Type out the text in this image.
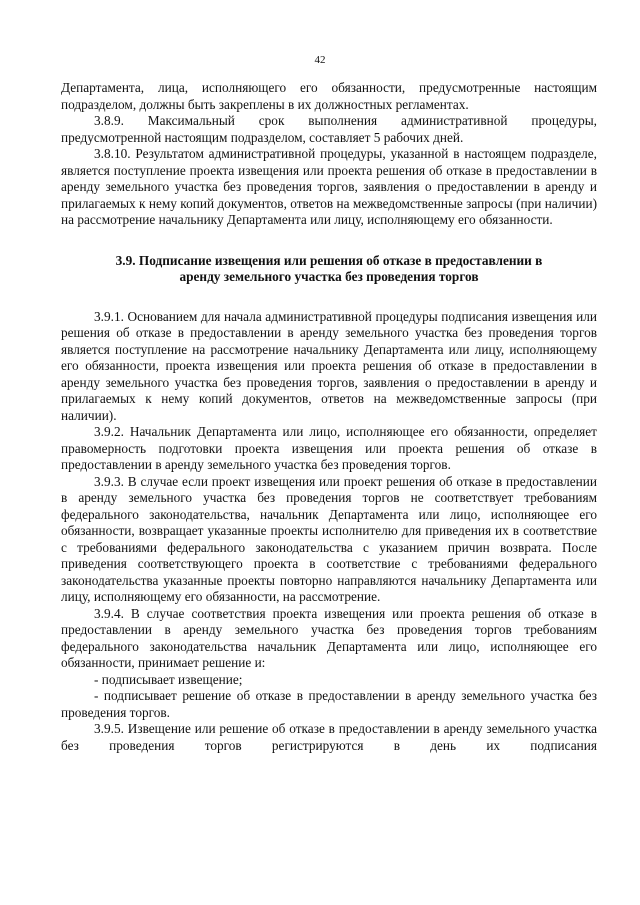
42

Департамента, лица, исполняющего его обязанности, предусмотренные настоящим подразделом, должны быть закреплены в их должностных регламентах.

3.8.9. Максимальный срок выполнения административной процедуры, предусмотренной настоящим подразделом, составляет 5 рабочих дней.

3.8.10. Результатом административной процедуры, указанной в настоящем подразделе, является поступление проекта извещения или проекта решения об отказе в предоставлении в аренду земельного участка без проведения торгов, заявления о предоставлении в аренду и прилагаемых к нему копий документов, ответов на межведомственные запросы (при наличии) на рассмотрение начальнику Департамента или лицу, исполняющему его обязанности.

3.9. Подписание извещения или решения об отказе в предоставлении в аренду земельного участка без проведения торгов

3.9.1. Основанием для начала административной процедуры подписания извещения или решения об отказе в предоставлении в аренду земельного участка без проведения торгов является поступление на рассмотрение начальнику Департамента или лицу, исполняющему его обязанности, проекта извещения или проекта решения об отказе в предоставлении в аренду земельного участка без проведения торгов, заявления о предоставлении в аренду и прилагаемых к нему копий документов, ответов на межведомственные запросы (при наличии).

3.9.2. Начальник Департамента или лицо, исполняющее его обязанности, определяет правомерность подготовки проекта извещения или проекта решения об отказе в предоставлении в аренду земельного участка без проведения торгов.

3.9.3. В случае если проект извещения или проект решения об отказе в предоставлении в аренду земельного участка без проведения торгов не соответствует требованиям федерального законодательства, начальник Департамента или лицо, исполняющее его обязанности, возвращает указанные проекты исполнителю для приведения их в соответствие с требованиями федерального законодательства с указанием причин возврата. После приведения соответствующего проекта в соответствие с требованиями федерального законодательства указанные проекты повторно направляются начальнику Департамента или лицу, исполняющему его обязанности, на рассмотрение.

3.9.4. В случае соответствия проекта извещения или проекта решения об отказе в предоставлении в аренду земельного участка без проведения торгов требованиям федерального законодательства начальник Департамента или лицо, исполняющее его обязанности, принимает решение и:

- подписывает извещение;

- подписывает решение об отказе в предоставлении в аренду земельного участка без проведения торгов.

3.9.5. Извещение или решение об отказе в предоставлении в аренду земельного участка без проведения торгов регистрируются в день их подписания
